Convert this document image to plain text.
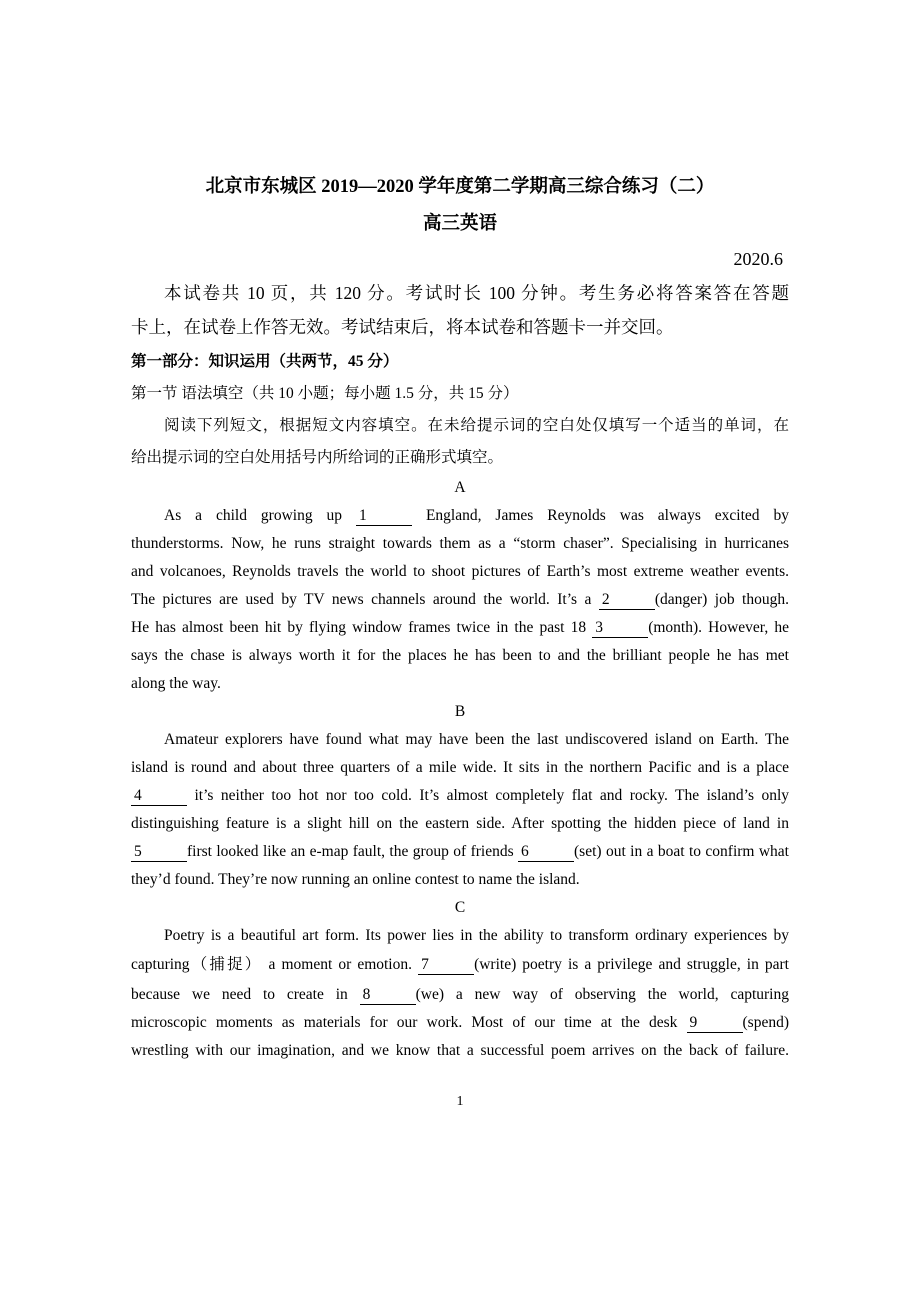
北京市东城区 2019—2020 学年度第二学期高三综合练习（二）
高三英语
2020.6
本试卷共 10 页，共 120 分。考试时长 100 分钟。考生务必将答案答在答题
卡上，在试卷上作答无效。考试结束后，将本试卷和答题卡一并交回。
第一部分：知识运用（共两节，45 分）
第一节 语法填空（共 10 小题；每小题 1.5 分，共 15 分）
阅读下列短文，根据短文内容填空。在未给提示词的空白处仅填写一个适当的单词，在
给出提示词的空白处用括号内所给词的正确形式填空。
A
As a child growing up 1	England, James Reynolds was always excited by
thunderstorms. Now, he runs straight towards them as a “storm chaser”. Specialising in hurricanes
and volcanoes, Reynolds travels the world to shoot pictures of Earth’s most extreme weather events.
The pictures are used by TV news channels around the world. It’s a 2	(danger) job though.
He has almost been hit by flying window frames twice in the past 18 3	(month). However, he
says the chase is always worth it for the places he has been to and the brilliant people he has met
along the way.
B
Amateur explorers have found what may have been the last undiscovered island on Earth. The
island is round and about three quarters of a mile wide. It sits in the northern Pacific and is a place
4	it’s neither too hot nor too cold. It’s almost completely flat and rocky. The island’s only
distinguishing feature is a slight hill on the eastern side. After spotting the hidden piece of land in
5	first looked like an e-map fault, the group of friends 6	(set) out in a boat to confirm what
they’d found. They’re now running an online contest to name the island.
C
Poetry is a beautiful art form. Its power lies in the ability to transform ordinary experiences by
capturing（捕捉） a moment or emotion. 7	(write) poetry is a privilege and struggle, in part
because we need to create in 8	(we) a new way of observing the world, capturing
microscopic moments as materials for our work. Most of our time at the desk 9	(spend)
wrestling with our imagination, and we know that a successful poem arrives on the back of failure.
1
